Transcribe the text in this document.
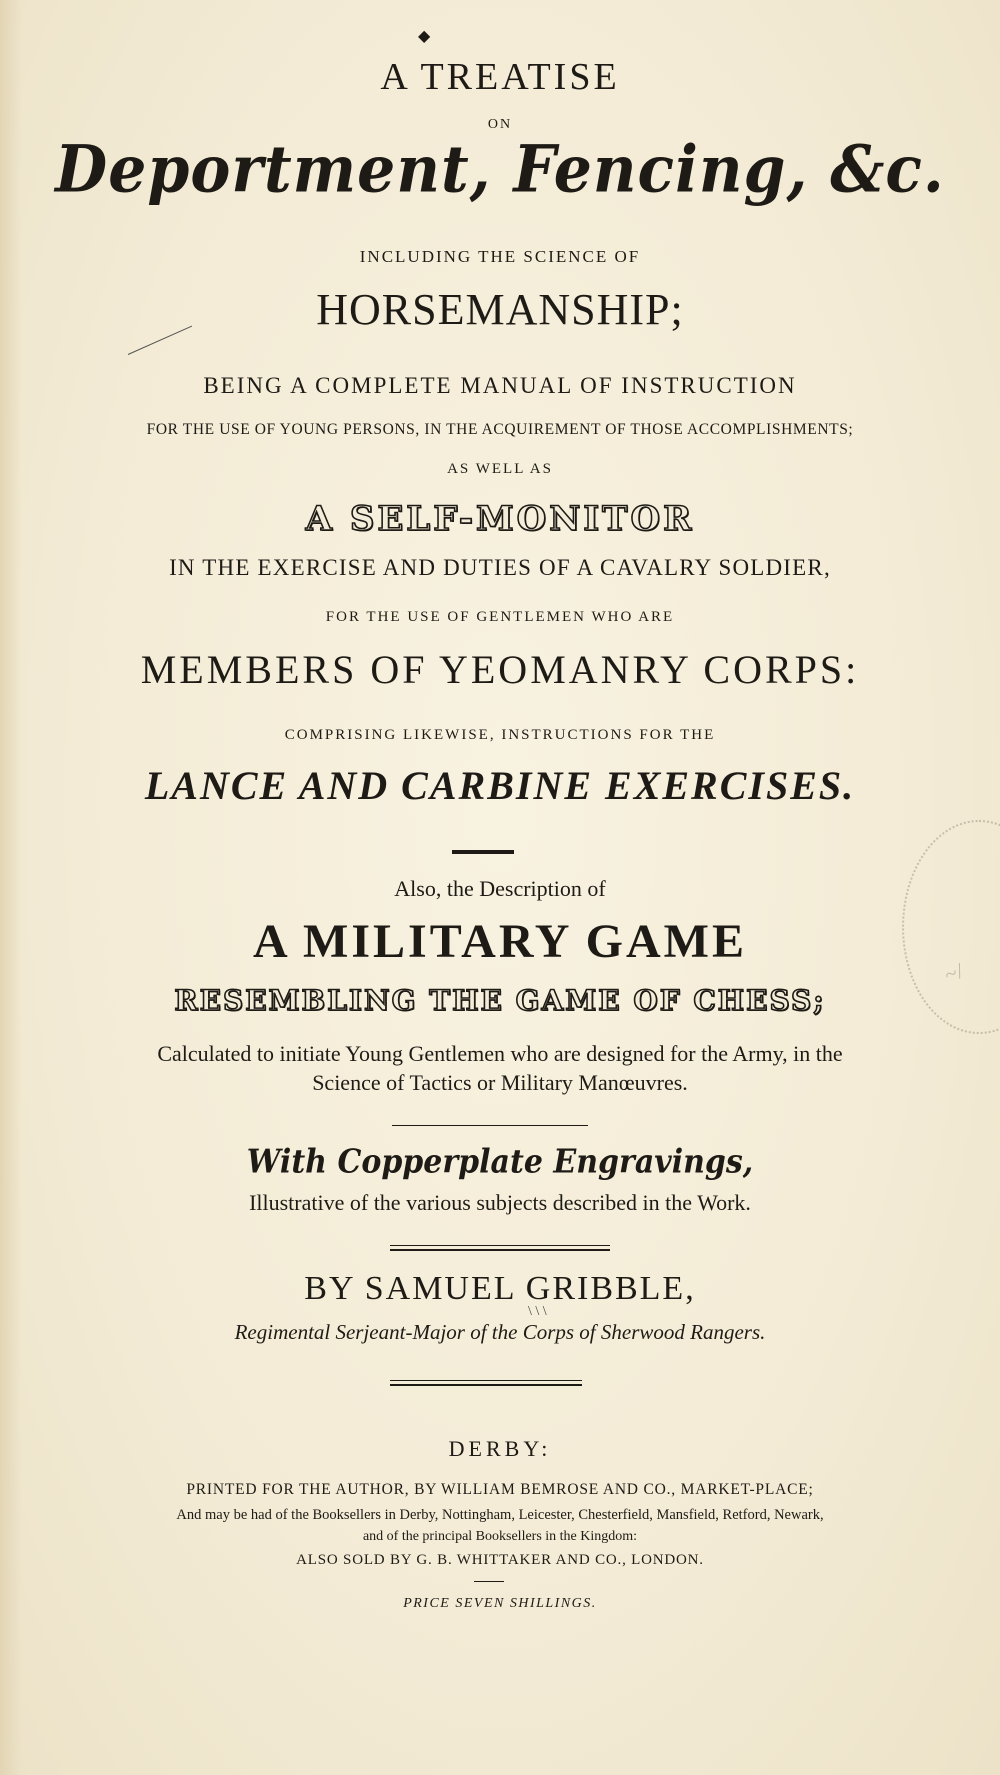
◆
A TREATISE
ON
Deportment, Fencing, &c.
INCLUDING THE SCIENCE OF
HORSEMANSHIP;
BEING A COMPLETE MANUAL OF INSTRUCTION
FOR THE USE OF YOUNG PERSONS, IN THE ACQUIREMENT OF THOSE ACCOMPLISHMENTS;
AS WELL AS
A SELF-MONITOR
IN THE EXERCISE AND DUTIES OF A CAVALRY SOLDIER,
FOR THE USE OF GENTLEMEN WHO ARE
MEMBERS OF YEOMANRY CORPS:
COMPRISING LIKEWISE, INSTRUCTIONS FOR THE
LANCE AND CARBINE EXERCISES.
Also, the Description of
A MILITARY GAME
RESEMBLING THE GAME OF CHESS;
Calculated to initiate Young Gentlemen who are designed for the Army, in the
Science of Tactics or Military Manœuvres.
With Copperplate Engravings,
Illustrative of the various subjects described in the Work.
BY SAMUEL GRIBBLE,
\ \ \
Regimental Serjeant-Major of the Corps of Sherwood Rangers.
DERBY:
PRINTED FOR THE AUTHOR, BY WILLIAM BEMROSE AND CO., MARKET-PLACE;
And may be had of the Booksellers in Derby, Nottingham, Leicester, Chesterfield, Mansfield, Retford, Newark,
and of the principal Booksellers in the Kingdom:
ALSO SOLD BY G. B. WHITTAKER AND CO., LONDON.
PRICE SEVEN SHILLINGS.
~/
